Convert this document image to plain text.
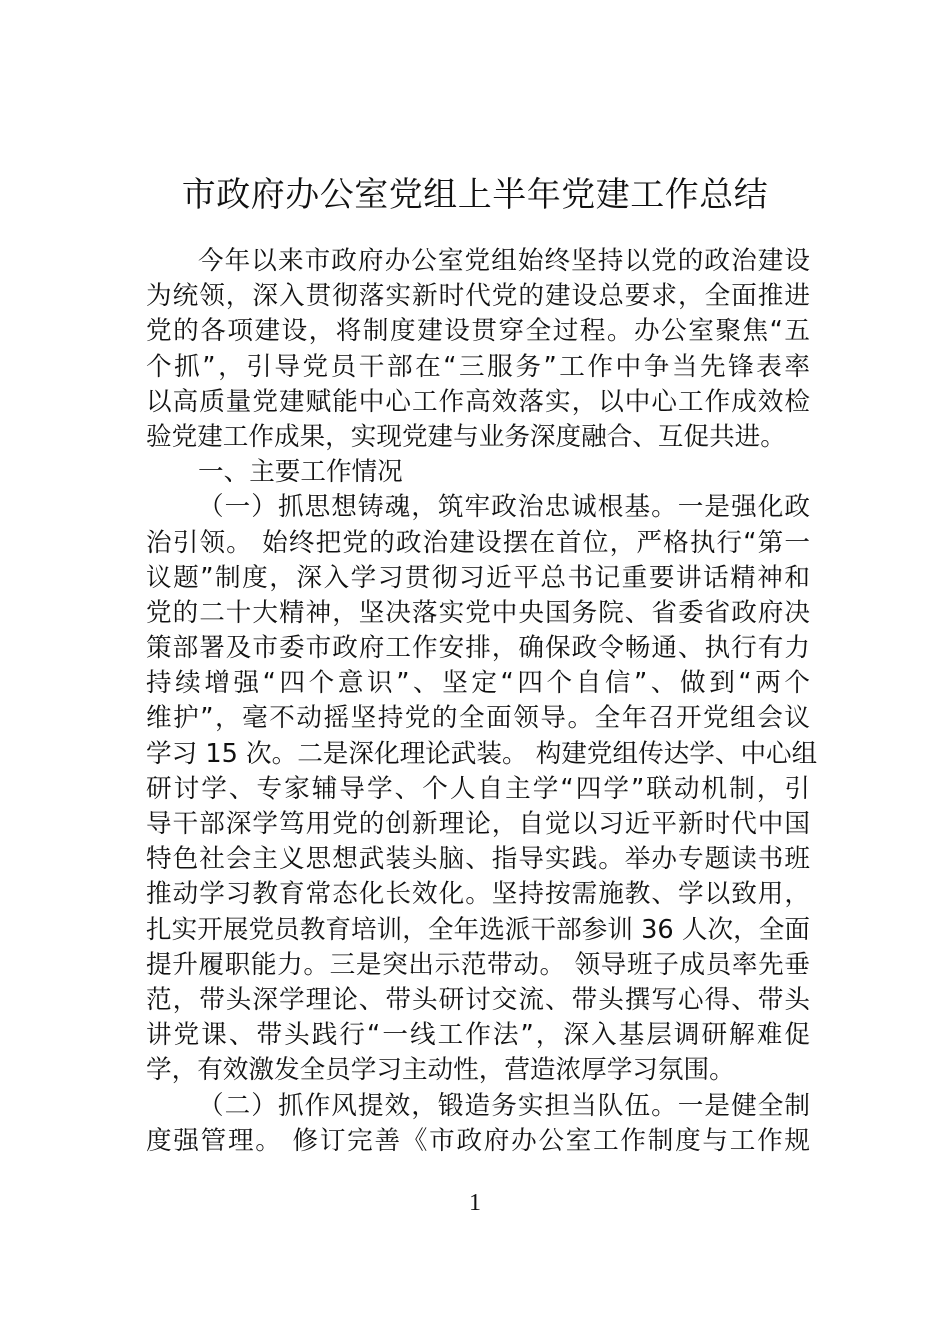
市政府办公室党组上半年党建工作总结
今年以来市政府办公室党组始终坚持以党的政治建设
为统领，深入贯彻落实新时代党的建设总要求，全面推进
党的各项建设，将制度建设贯穿全过程。办公室聚焦“五
个抓”，引导党员干部在“三服务”工作中争当先锋表率
以高质量党建赋能中心工作高效落实，以中心工作成效检
验党建工作成果，实现党建与业务深度融合、互促共进。
一、主要工作情况
（一）抓思想铸魂，筑牢政治忠诚根基。一是强化政
治引领。 始终把党的政治建设摆在首位，严格执行“第一
议题”制度，深入学习贯彻习近平总书记重要讲话精神和
党的二十大精神，坚决落实党中央国务院、省委省政府决
策部署及市委市政府工作安排，确保政令畅通、执行有力
持续增强“四个意识”、坚定“四个自信”、做到“两个
维护”，毫不动摇坚持党的全面领导。全年召开党组会议
学习 15 次。二是深化理论武装。 构建党组传达学、中心组
研讨学、专家辅导学、个人自主学“四学”联动机制，引
导干部深学笃用党的创新理论，自觉以习近平新时代中国
特色社会主义思想武装头脑、指导实践。举办专题读书班
推动学习教育常态化长效化。坚持按需施教、学以致用，
扎实开展党员教育培训，全年选派干部参训 36 人次，全面
提升履职能力。三是突出示范带动。 领导班子成员率先垂
范，带头深学理论、带头研讨交流、带头撰写心得、带头
讲党课、带头践行“一线工作法”，深入基层调研解难促
学，有效激发全员学习主动性，营造浓厚学习氛围。
（二）抓作风提效，锻造务实担当队伍。一是健全制
度强管理。 修订完善《市政府办公室工作制度与工作规
1
